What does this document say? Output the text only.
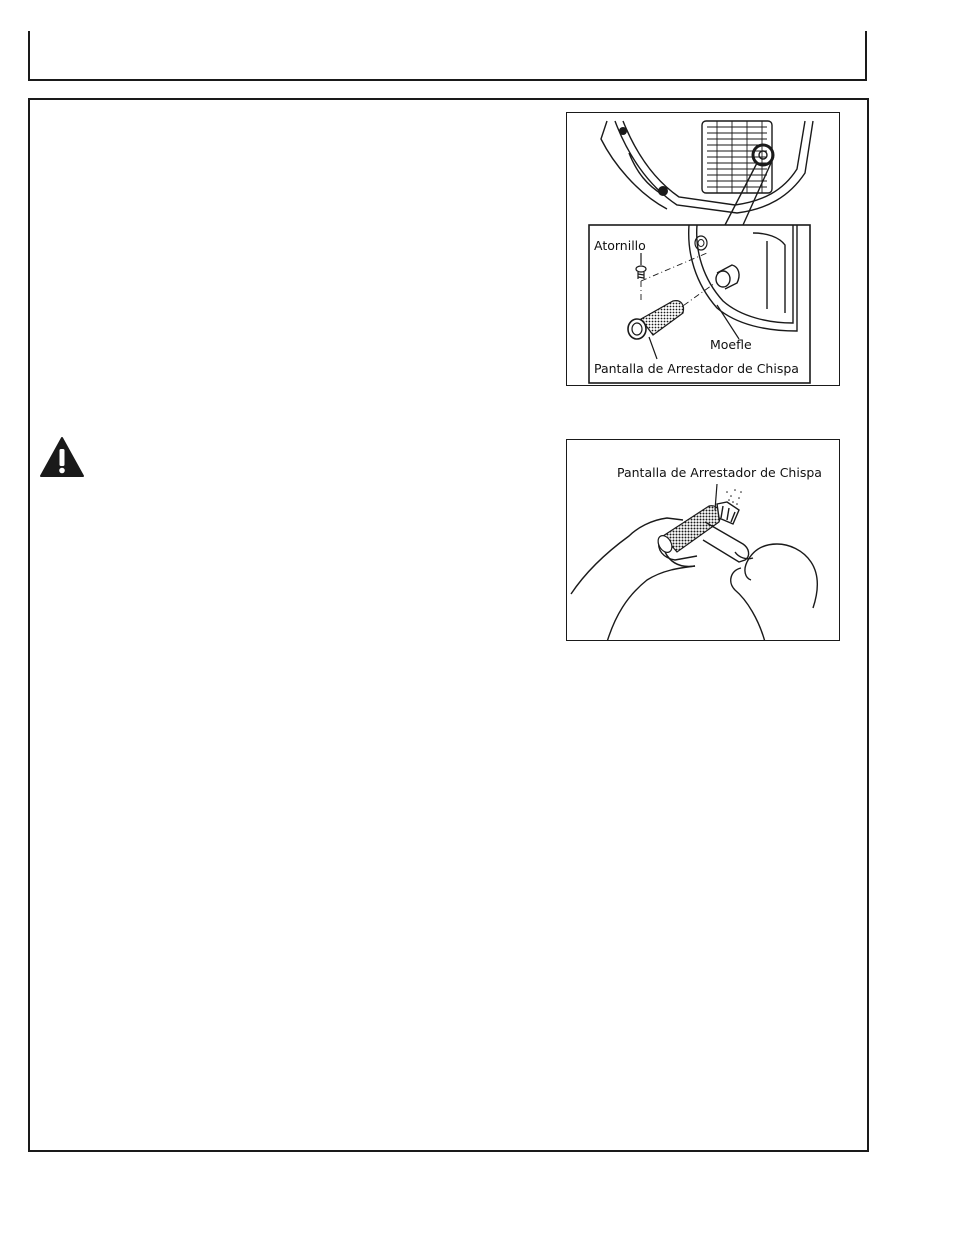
Atornillo
Moefle
Pantalla de Arrestador de Chispa
Pantalla de Arrestador de Chispa
